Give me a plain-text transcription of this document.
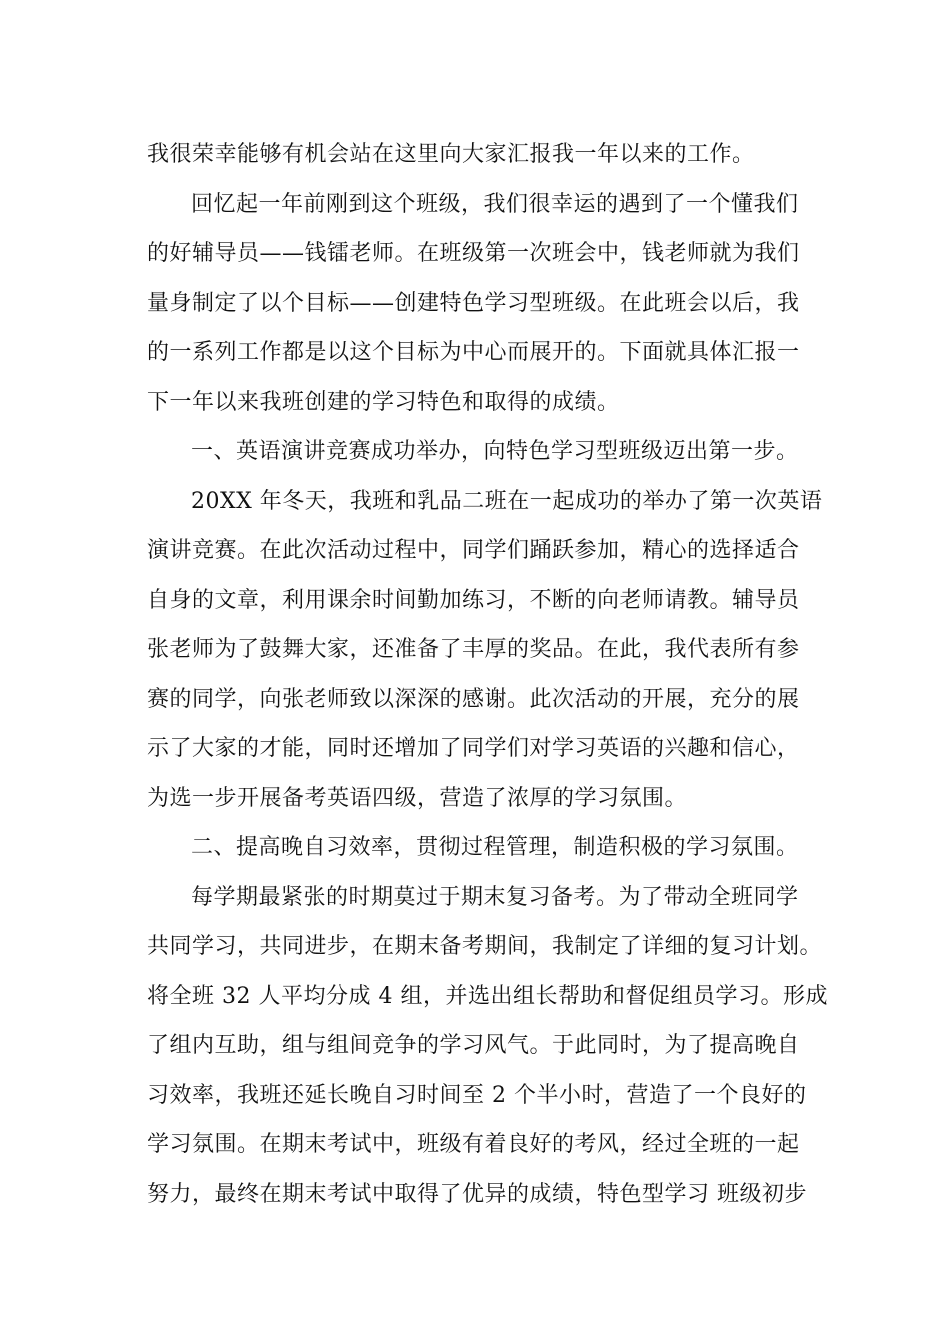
我很荣幸能够有机会站在这里向大家汇报我一年以来的工作。
回忆起一年前刚到这个班级，我们很幸运的遇到了一个懂我们
的好辅导员——钱镭老师。在班级第一次班会中，钱老师就为我们
量身制定了以个目标——创建特色学习型班级。在此班会以后，我
的一系列工作都是以这个目标为中心而展开的。下面就具体汇报一
下一年以来我班创建的学习特色和取得的成绩。
一、英语演讲竞赛成功举办，向特色学习型班级迈出第一步。
20XX 年冬天，我班和乳品二班在一起成功的举办了第一次英语
演讲竞赛。在此次活动过程中，同学们踊跃参加，精心的选择适合
自身的文章，利用课余时间勤加练习，不断的向老师请教。辅导员
张老师为了鼓舞大家，还准备了丰厚的奖品。在此，我代表所有参
赛的同学，向张老师致以深深的感谢。此次活动的开展，充分的展
示了大家的才能，同时还增加了同学们对学习英语的兴趣和信心，
为选一步开展备考英语四级，营造了浓厚的学习氛围。
二、提高晚自习效率，贯彻过程管理，制造积极的学习氛围。
每学期最紧张的时期莫过于期末复习备考。为了带动全班同学
共同学习，共同进步，在期末备考期间，我制定了详细的复习计划。
将全班 32 人平均分成 4 组，并选出组长帮助和督促组员学习。形成
了组内互助，组与组间竞争的学习风气。于此同时，为了提高晚自
习效率，我班还延长晚自习时间至 2 个半小时，营造了一个良好的
学习氛围。在期末考试中，班级有着良好的考风，经过全班的一起
努力，最终在期末考试中取得了优异的成绩，特色型学习 班级初步
